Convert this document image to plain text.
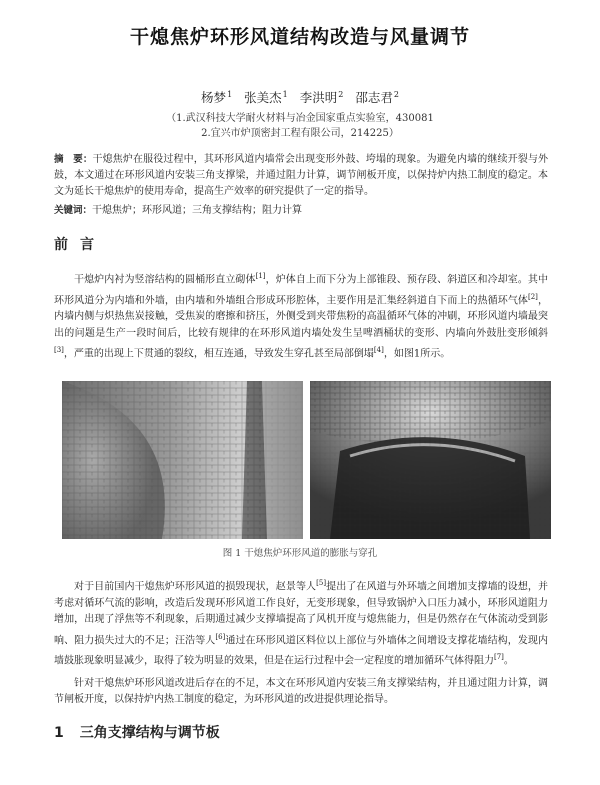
干熄焦炉环形风道结构改造与风量调节
杨梦$^1$ 张美杰$^1$ 李洪明$^2$ 邵志君$^2$
（1.武汉科技大学耐火材料与冶金国家重点实验室，430081
2.宜兴市炉顶密封工程有限公司，214225）

摘　要：干熄焦炉在服役过程中，其环形风道内墙常会出现变形外鼓、垮塌的现象。为避免内墙的继续开裂与外鼓，本文通过在环形风道内安装三角支撑梁，并通过阻力计算，调节闸板开度，以保持炉内热工制度的稳定。本文为延长干熄焦炉的使用寿命，提高生产效率的研究提供了一定的指导。

关键词：干熄焦炉；环形风道；三角支撑结构；阻力计算

前言

干熄炉内衬为竖溶结构的圆桶形直立砌体[1]，炉体自上而下分为上部锥段、预存段、斜道区和冷却室。其中环形风道分为内墙和外墙，由内墙和外墙组合形成环形腔体，主要作用是汇集经斜道自下而上的热循环气体[2]，内墙内侧与炽热焦炭接触，受焦炭的磨擦和挤压，外侧受到夹带焦粉的高温循环气体的冲刷，环形风道内墙最突出的问题是生产一段时间后，比较有规律的在环形风道内墙处发生呈啤酒桶状的变形、内墙向外鼓肚变形倾斜[3]，严重的出现上下贯通的裂纹，相互连通，导致发生穿孔甚至局部倒塌[4]，如图1所示。

图 1 干熄焦炉环形风道的膨胀与穿孔

对于目前国内干熄焦炉环形风道的损毁现状，赵景等人[5]提出了在风道与外环墙之间增加支撑墙的设想，并考虑对循环气流的影响，改造后发现环形风道工作良好，无变形现象，但导致锅炉入口压力减小，环形风道阻力增加，出现了浮焦等不利现象，后期通过减少支撑墙提高了风机开度与熄焦能力，但是仍然存在气体流动受到影响、阻力损失过大的不足；汪浩等人[6]通过在环形风道区料位以上部位与外墙体之间增设支撑花墙结构，发现内墙鼓胀现象明显减少，取得了较为明显的效果，但是在运行过程中会一定程度的增加循环气体得阻力[7]。

针对干熄焦炉环形风道改进后存在的不足，本文在环形风道内安装三角支撑梁结构，并且通过阻力计算，调节闸板开度，以保持炉内热工制度的稳定，为环形风道的改进提供理论指导。

1 三角支撑结构与调节板
